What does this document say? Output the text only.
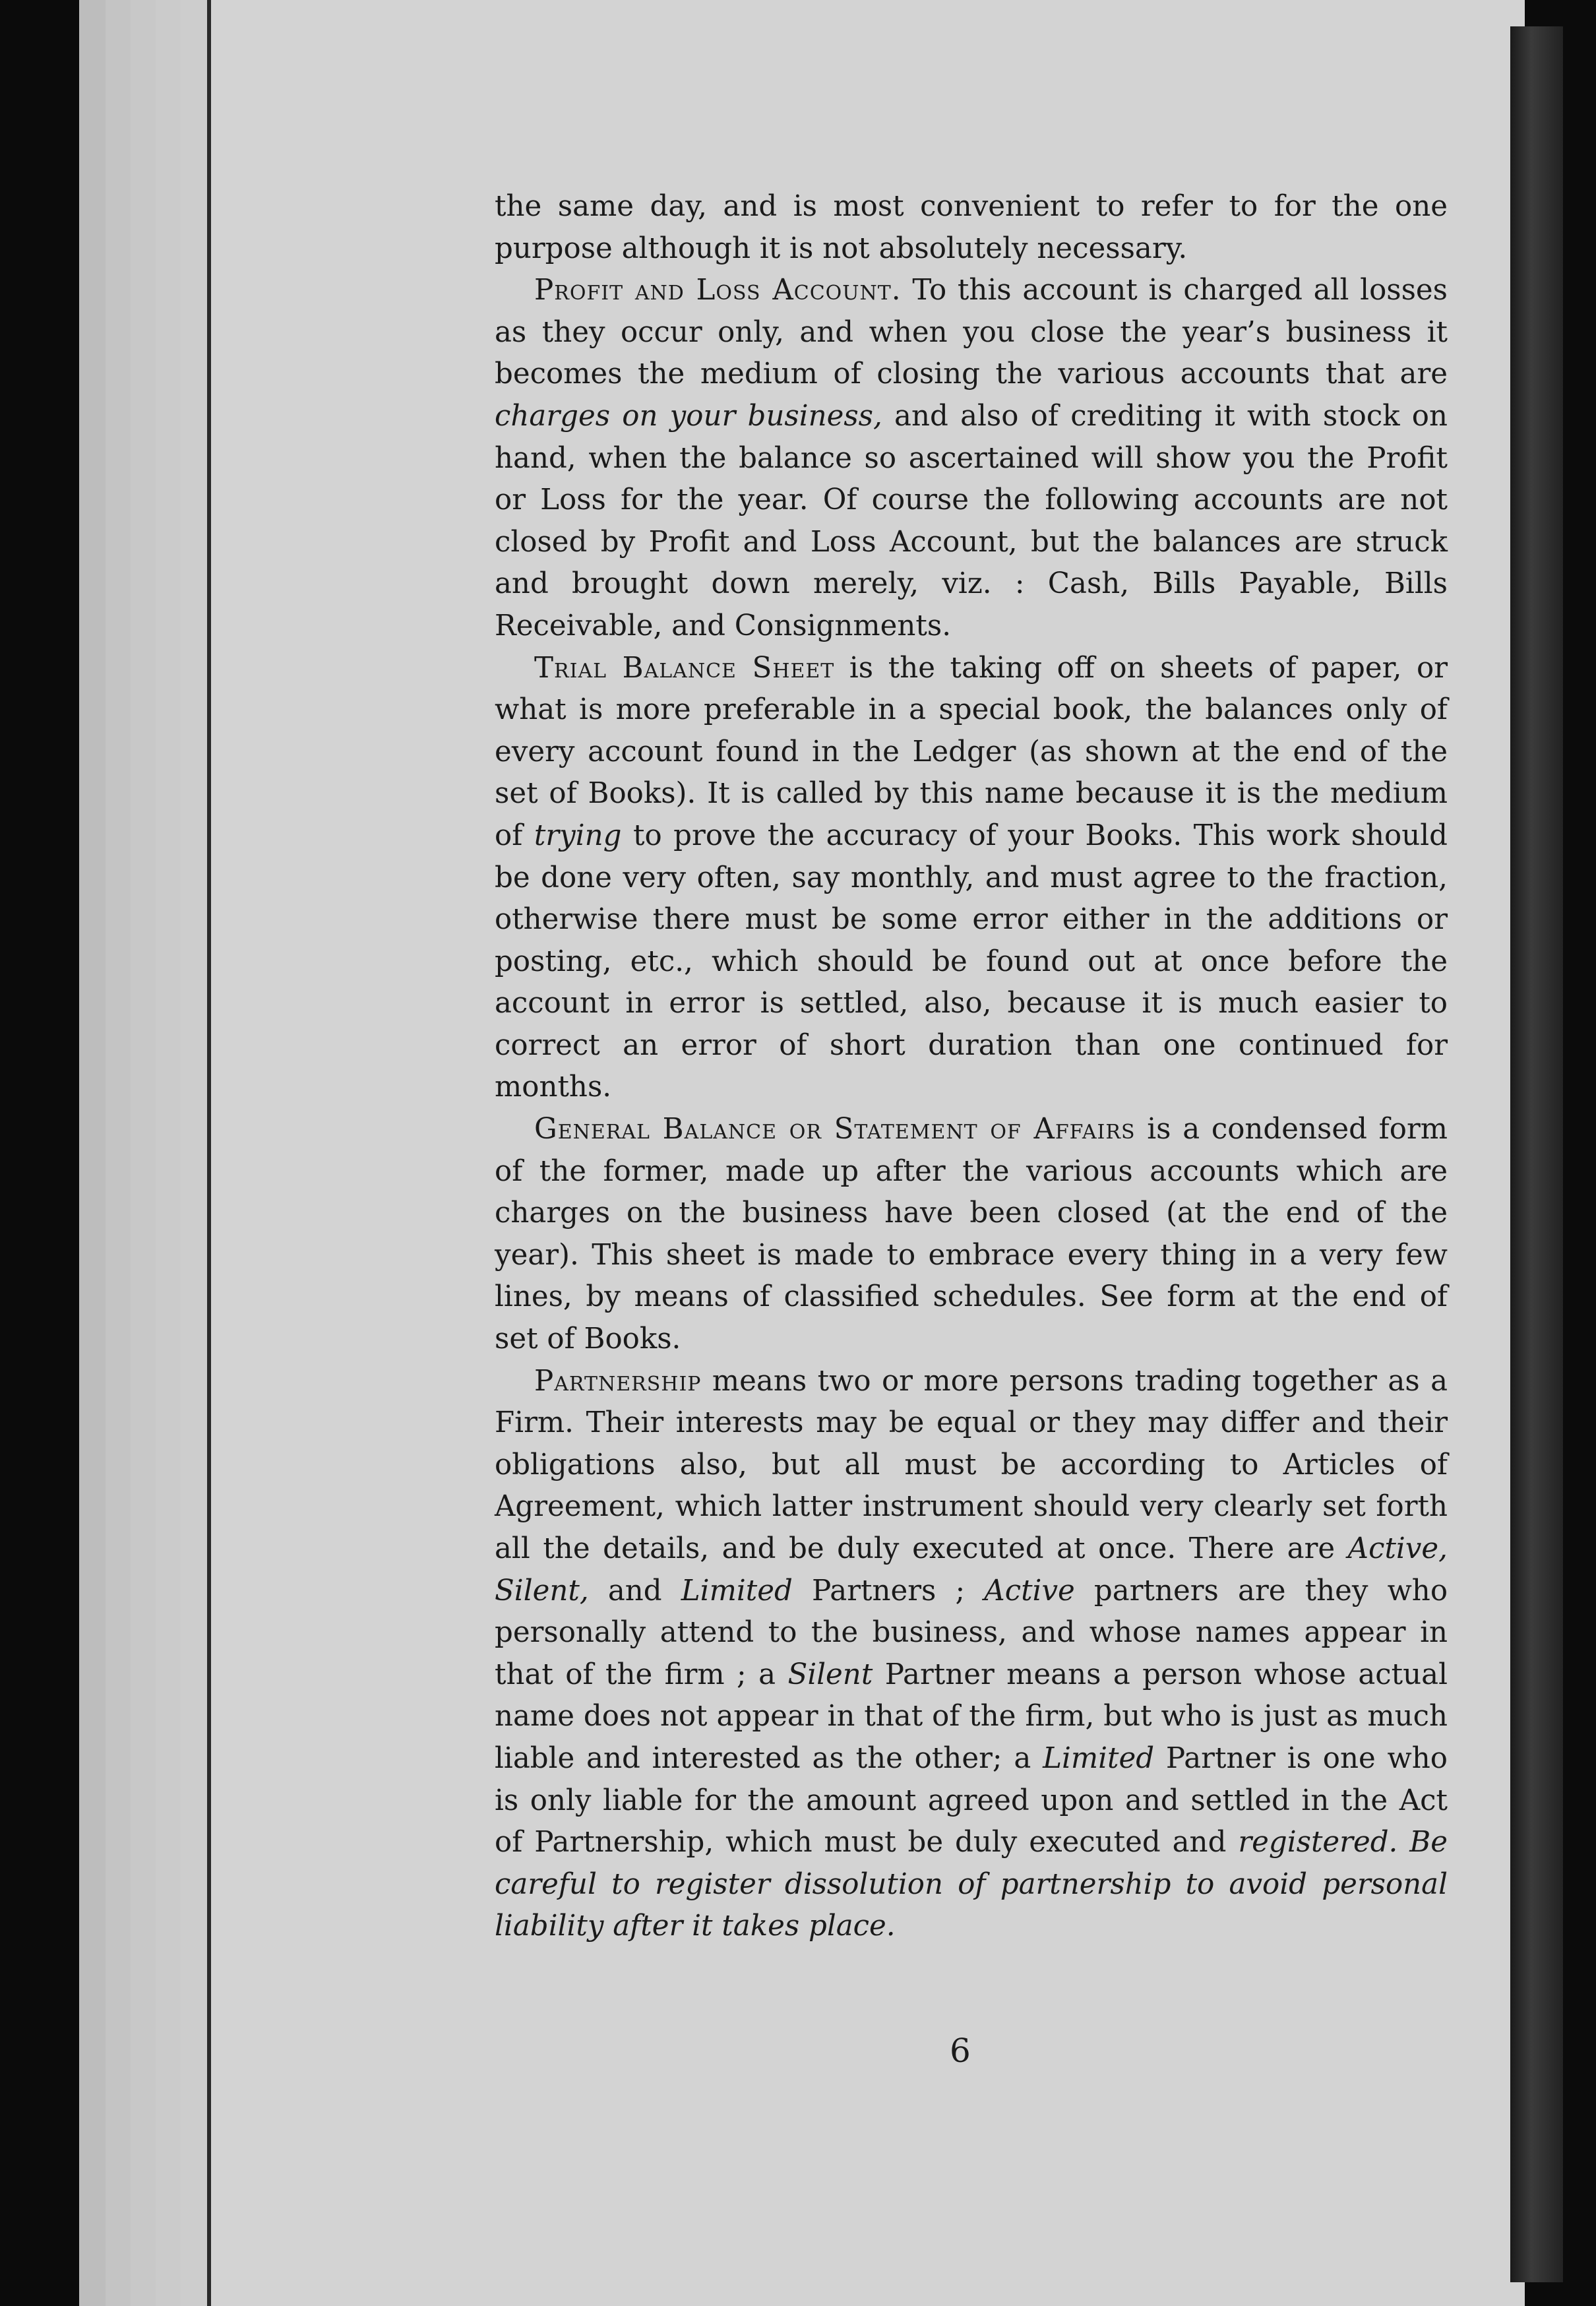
the same day, and is most convenient to refer to for the one purpose although it is not absolutely necessary.

Profit and Loss Account. To this account is charged all losses as they occur only, and when you close the year’s business it becomes the medium of closing the various accounts that are charges on your business, and also of crediting it with stock on hand, when the balance so ascertained will show you the Profit or Loss for the year. Of course the following accounts are not closed by Profit and Loss Account, but the balances are struck and brought down merely, viz. : Cash, Bills Payable, Bills Receivable, and Consignments.

Trial Balance Sheet is the taking off on sheets of paper, or what is more preferable in a special book, the balances only of every account found in the Ledger (as shown at the end of the set of Books). It is called by this name because it is the medium of trying to prove the accuracy of your Books. This work should be done very often, say monthly, and must agree to the fraction, otherwise there must be some error either in the additions or posting, etc., which should be found out at once before the account in error is settled, also, because it is much easier to correct an error of short duration than one continued for months.

General Balance or Statement of Affairs is a condensed form of the former, made up after the various accounts which are charges on the business have been closed (at the end of the year). This sheet is made to embrace every thing in a very few lines, by means of classified schedules. See form at the end of set of Books.

Partnership means two or more persons trading together as a Firm. Their interests may be equal or they may differ and their obligations also, but all must be according to Articles of Agreement, which latter instrument should very clearly set forth all the details, and be duly executed at once. There are Active, Silent, and Limited Partners ; Active partners are they who personally attend to the business, and whose names appear in that of the firm ; a Silent Partner means a person whose actual name does not appear in that of the firm, but who is just as much liable and interested as the other; a Limited Partner is one who is only liable for the amount agreed upon and settled in the Act of Partnership, which must be duly executed and registered. Be careful to register dissolution of partnership to avoid personal liability after it takes place.

6
